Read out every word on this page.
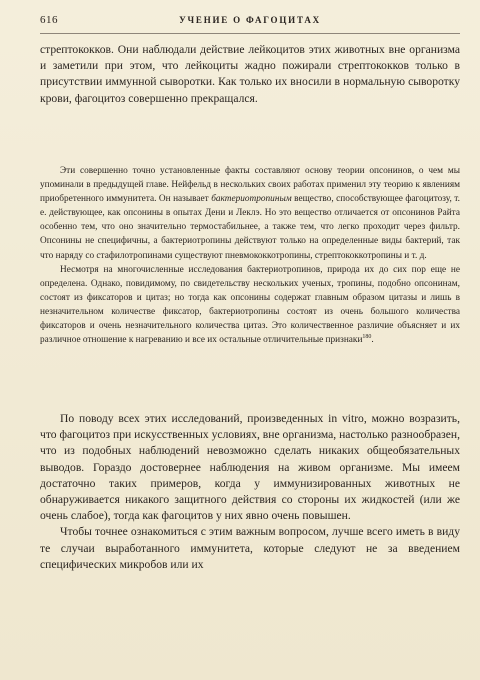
616	УЧЕНИЕ О ФАГОЦИТАХ

стрептококков. Они наблюдали действие лейкоцитов этих животных вне организма и заметили при этом, что лейкоциты жадно пожирали стрептококков только в присутствии иммунной сыворотки. Как только их вносили в нормальную сыворотку крови, фагоцитоз совершенно прекращался.

Эти совершенно точно установленные факты составляют основу теории опсонинов, о чем мы упоминали в предыдущей главе. Нейфельд в нескольких своих работах применил эту теорию к явлениям приобретенного иммунитета. Он называет бактериотропиным вещество, способствующее фагоцитозу, т. е. действующее, как опсонины в опытах Дени и Леклэ. Но это вещество отличается от опсонинов Райта особенно тем, что оно значительно термостабильнее, а также тем, что легко проходит через фильтр. Опсонины не специфичны, а бактериотропины действуют только на определенные виды бактерий, так что наряду со стафилотропинами существуют пневмококкотропины, стрептококкотропины и т. д.

Несмотря на многочисленные исследования бактериотропинов, природа их до сих пор еще не определена. Однако, повидимому, по свидетельству нескольких ученых, тропины, подобно опсонинам, состоят из фиксаторов и цитаз; но тогда как опсонины содержат главным образом цитазы и лишь в незначительном количестве фиксатор, бактериотропины состоят из очень большого количества фиксаторов и очень незначительного количества цитаз. Это количественное различие объясняет и их различное отношение к нагреванию и все их остальные отличительные признаки$^{180}$.

По поводу всех этих исследований, произведенных in vitro, можно возразить, что фагоцитоз при искусственных условиях, вне организма, настолько разнообразен, что из подобных наблюдений невозможно сделать никаких общеобязательных выводов. Гораздо достовернее наблюдения на живом организме. Мы имеем достаточно таких примеров, когда у иммунизированных животных не обнаруживается никакого защитного действия со стороны их жидкостей (или же очень слабое), тогда как фагоцитов у них явно очень повышен.

Чтобы точнее ознакомиться с этим важным вопросом, лучше всего иметь в виду те случаи выработанного иммунитета, которые следуют не за введением специфических микробов или их
